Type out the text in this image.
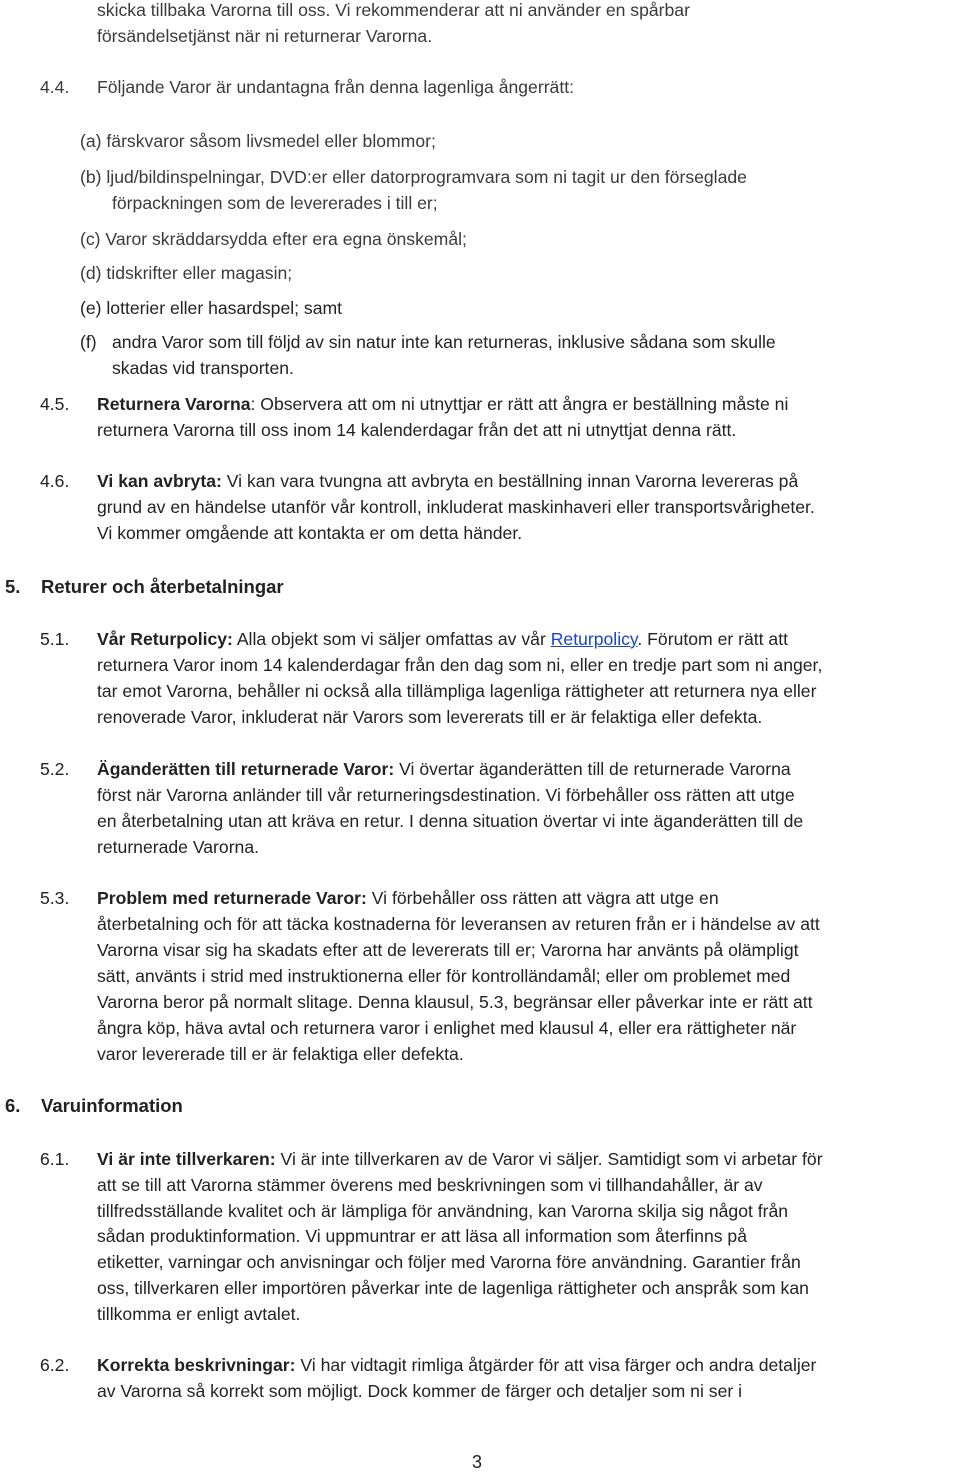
skicka tillbaka Varorna till oss. Vi rekommenderar att ni använder en spårbar
försändelsetjänst när ni returnerar Varorna.
4.4. Följande Varor är undantagna från denna lagenliga ångerrätt:
(a) färskvaror såsom livsmedel eller blommor;
(b) ljud/bildinspelningar, DVD:er eller datorprogramvara som ni tagit ur den förseglade
förpackningen som de levererades i till er;
(c) Varor skräddarsydda efter era egna önskemål;
(d) tidskrifter eller magasin;
(e) lotterier eller hasardspel; samt
(f) andra Varor som till följd av sin natur inte kan returneras, inklusive sådana som skulle
skadas vid transporten.
4.5. Returnera Varorna: Observera att om ni utnyttjar er rätt att ångra er beställning måste ni
returnera Varorna till oss inom 14 kalenderdagar från det att ni utnyttjat denna rätt.
4.6. Vi kan avbryta: Vi kan vara tvungna att avbryta en beställning innan Varorna levereras på
grund av en händelse utanför vår kontroll, inkluderat maskinhaveri eller transportsvårigheter.
Vi kommer omgående att kontakta er om detta händer.
5. Returer och återbetalningar
5.1. Vår Returpolicy: Alla objekt som vi säljer omfattas av vår Returpolicy. Förutom er rätt att
returnera Varor inom 14 kalenderdagar från den dag som ni, eller en tredje part som ni anger,
tar emot Varorna, behåller ni också alla tillämpliga lagenliga rättigheter att returnera nya eller
renoverade Varor, inkluderat när Varors som levererats till er är felaktiga eller defekta.
5.2. Äganderätten till returnerade Varor: Vi övertar äganderätten till de returnerade Varorna
först när Varorna anländer till vår returneringsdestination. Vi förbehåller oss rätten att utge
en återbetalning utan att kräva en retur. I denna situation övertar vi inte äganderätten till de
returnerade Varorna.
5.3. Problem med returnerade Varor: Vi förbehåller oss rätten att vägra att utge en
återbetalning och för att täcka kostnaderna för leveransen av returen från er i händelse av att
Varorna visar sig ha skadats efter att de levererats till er; Varorna har använts på olämpligt
sätt, använts i strid med instruktionerna eller för kontrolländamål; eller om problemet med
Varorna beror på normalt slitage. Denna klausul, 5.3, begränsar eller påverkar inte er rätt att
ångra köp, häva avtal och returnera varor i enlighet med klausul 4, eller era rättigheter när
varor levererade till er är felaktiga eller defekta.
6. Varuinformation
6.1. Vi är inte tillverkaren: Vi är inte tillverkaren av de Varor vi säljer. Samtidigt som vi arbetar för
att se till att Varorna stämmer överens med beskrivningen som vi tillhandahåller, är av
tillfredsställande kvalitet och är lämpliga för användning, kan Varorna skilja sig något från
sådan produktinformation. Vi uppmuntrar er att läsa all information som återfinns på
etiketter, varningar och anvisningar och följer med Varorna före användning. Garantier från
oss, tillverkaren eller importören påverkar inte de lagenliga rättigheter och anspråk som kan
tillkomma er enligt avtalet.
6.2. Korrekta beskrivningar: Vi har vidtagit rimliga åtgärder för att visa färger och andra detaljer
av Varorna så korrekt som möjligt. Dock kommer de färger och detaljer som ni ser i
3
